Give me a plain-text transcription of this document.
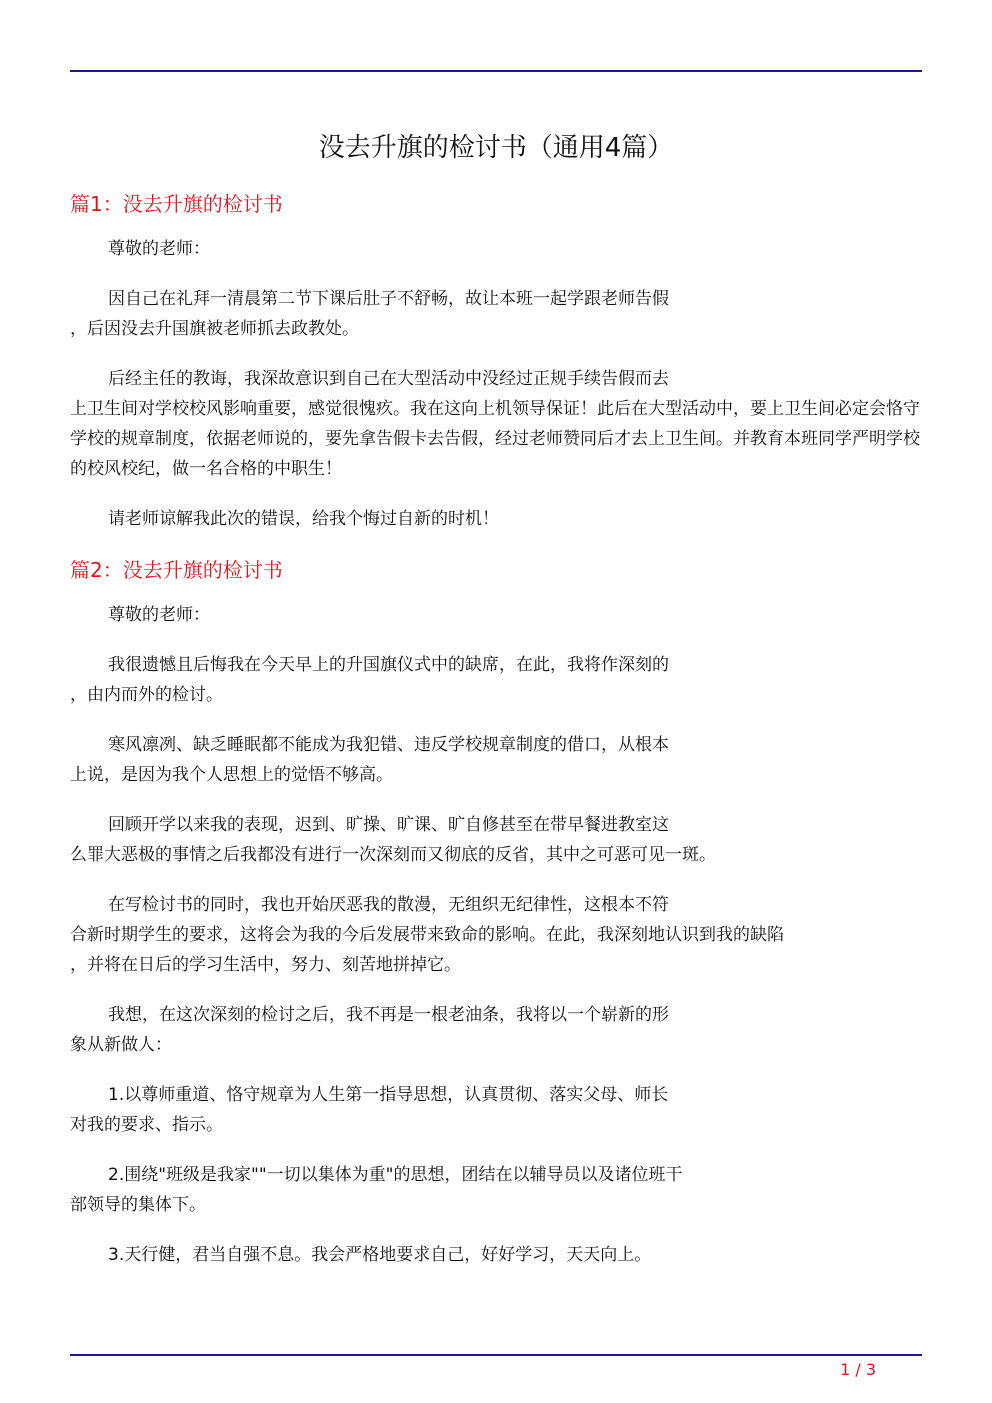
没去升旗的检讨书（通用4篇）
篇1：没去升旗的检讨书
尊敬的老师：
因自己在礼拜一清晨第二节下课后肚子不舒畅，故让本班一起学跟老师告假
，后因没去升国旗被老师抓去政教处。
后经主任的教诲，我深故意识到自己在大型活动中没经过正规手续告假而去
上卫生间对学校校风影响重要，感觉很愧疚。我在这向上机领导保证！此后在大型活动中，要上卫生间必定会恪守学校的规章制度，依据老师说的，要先拿告假卡去告假，经过老师赞同后才去上卫生间。并教育本班同学严明学校的校风校纪，做一名合格的中职生！
请老师谅解我此次的错误，给我个悔过自新的时机！
篇2：没去升旗的检讨书
尊敬的老师：
我很遗憾且后悔我在今天早上的升国旗仪式中的缺席，在此，我将作深刻的
，由内而外的检讨。
寒风凛冽、缺乏睡眠都不能成为我犯错、违反学校规章制度的借口，从根本
上说，是因为我个人思想上的觉悟不够高。
回顾开学以来我的表现，迟到、旷操、旷课、旷自修甚至在带早餐进教室这
么罪大恶极的事情之后我都没有进行一次深刻而又彻底的反省，其中之可恶可见一斑。
在写检讨书的同时，我也开始厌恶我的散漫，无组织无纪律性，这根本不符
合新时期学生的要求，这将会为我的今后发展带来致命的影响。在此，我深刻地认识到我的缺陷
，并将在日后的学习生活中，努力、刻苦地拼掉它。
我想，在这次深刻的检讨之后，我不再是一根老油条，我将以一个崭新的形
象从新做人：
1.以尊师重道、恪守规章为人生第一指导思想，认真贯彻、落实父母、师长
对我的要求、指示。
2.围绕"班级是我家""一切以集体为重"的思想，团结在以辅导员以及诸位班干
部领导的集体下。
3.天行健，君当自强不息。我会严格地要求自己，好好学习，天天向上。
1 / 3
